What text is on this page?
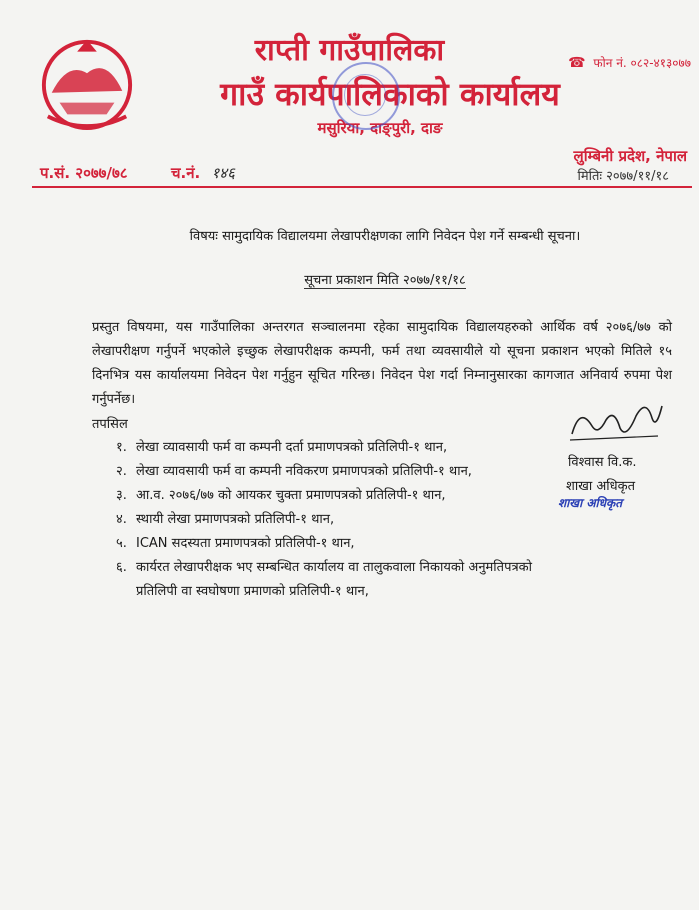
राप्ती गाउँपालिका
गाउँ कार्यपालिकाको कार्यालय
मसुरिया, दाङ्पुरी, दाङ
☎ फोन नं. ०८२-४१३०७७
लुम्बिनी प्रदेश, नेपाल
प.सं. २०७७/७८	च.नं. १४६	मितिः २०७७/११/१८
विषयः सामुदायिक विद्यालयमा लेखापरीक्षणका लागि निवेदन पेश गर्ने सम्बन्धी सूचना।
सूचना प्रकाशन मिति २०७७/११/१८
प्रस्तुत विषयमा, यस गाउँपालिका अन्तरगत सञ्चालनमा रहेका सामुदायिक विद्यालयहरुको आर्थिक वर्ष २०७६/७७ को लेखापरीक्षण गर्नुपर्ने भएकोले इच्छुक लेखापरीक्षक कम्पनी, फर्म तथा व्यवसायीले यो सूचना प्रकाशन भएको मितिले १५ दिनभित्र यस कार्यालयमा निवेदन पेश गर्नुहुन सूचित गरिन्छ। निवेदन पेश गर्दा निम्नानुसारका कागजात अनिवार्य रुपमा पेश गर्नुपर्नेछ।
तपसिल
१. लेखा व्यावसायी फर्म वा कम्पनी दर्ता प्रमाणपत्रको प्रतिलिपी-१ थान,
२. लेखा व्यावसायी फर्म वा कम्पनी नविकरण प्रमाणपत्रको प्रतिलिपी-१ थान,
३. आ.व. २०७६/७७ को आयकर चुक्ता प्रमाणपत्रको प्रतिलिपी-१ थान,
४. स्थायी लेखा प्रमाणपत्रको प्रतिलिपी-१ थान,
५. ICAN सदस्यता प्रमाणपत्रको प्रतिलिपी-१ थान,
६. कार्यरत लेखापरीक्षक भए सम्बन्धित कार्यालय वा तालुकवाला निकायको अनुमतिपत्रको प्रतिलिपी वा स्वघोषणा प्रमाणको प्रतिलिपी-१ थान,
विश्वास वि.क.
शाखा अधिकृत
शाखा अधिकृत
